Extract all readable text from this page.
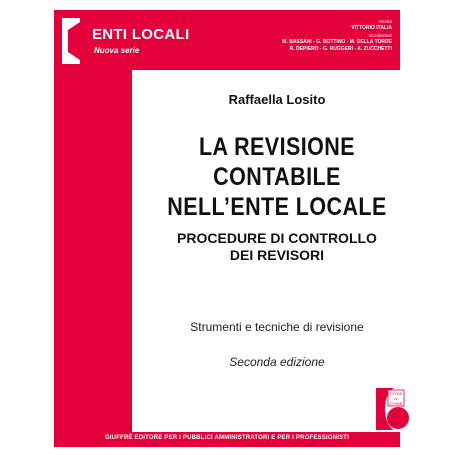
ENTI LOCALI
Nuova serie
Diretta
VITTORIO ITALIA
Vicedirettori
M. BASSANI - G. BOTTINO - M. DELLA TORRE
R. DEPIERO - G. RUGGERI - A. ZUCCHETTI
Raffaella Losito
LA REVISIONE
CONTABILE
NELL’ENTE LOCALE
PROCEDURE DI CONTROLLO
DEI REVISORI
Strumenti e tecniche di revisione
Seconda edizione
COSA
&
COME
GIUFFRÈ EDITORE PER I PUBBLICI AMMINISTRATORI E PER I PROFESSIONISTI
